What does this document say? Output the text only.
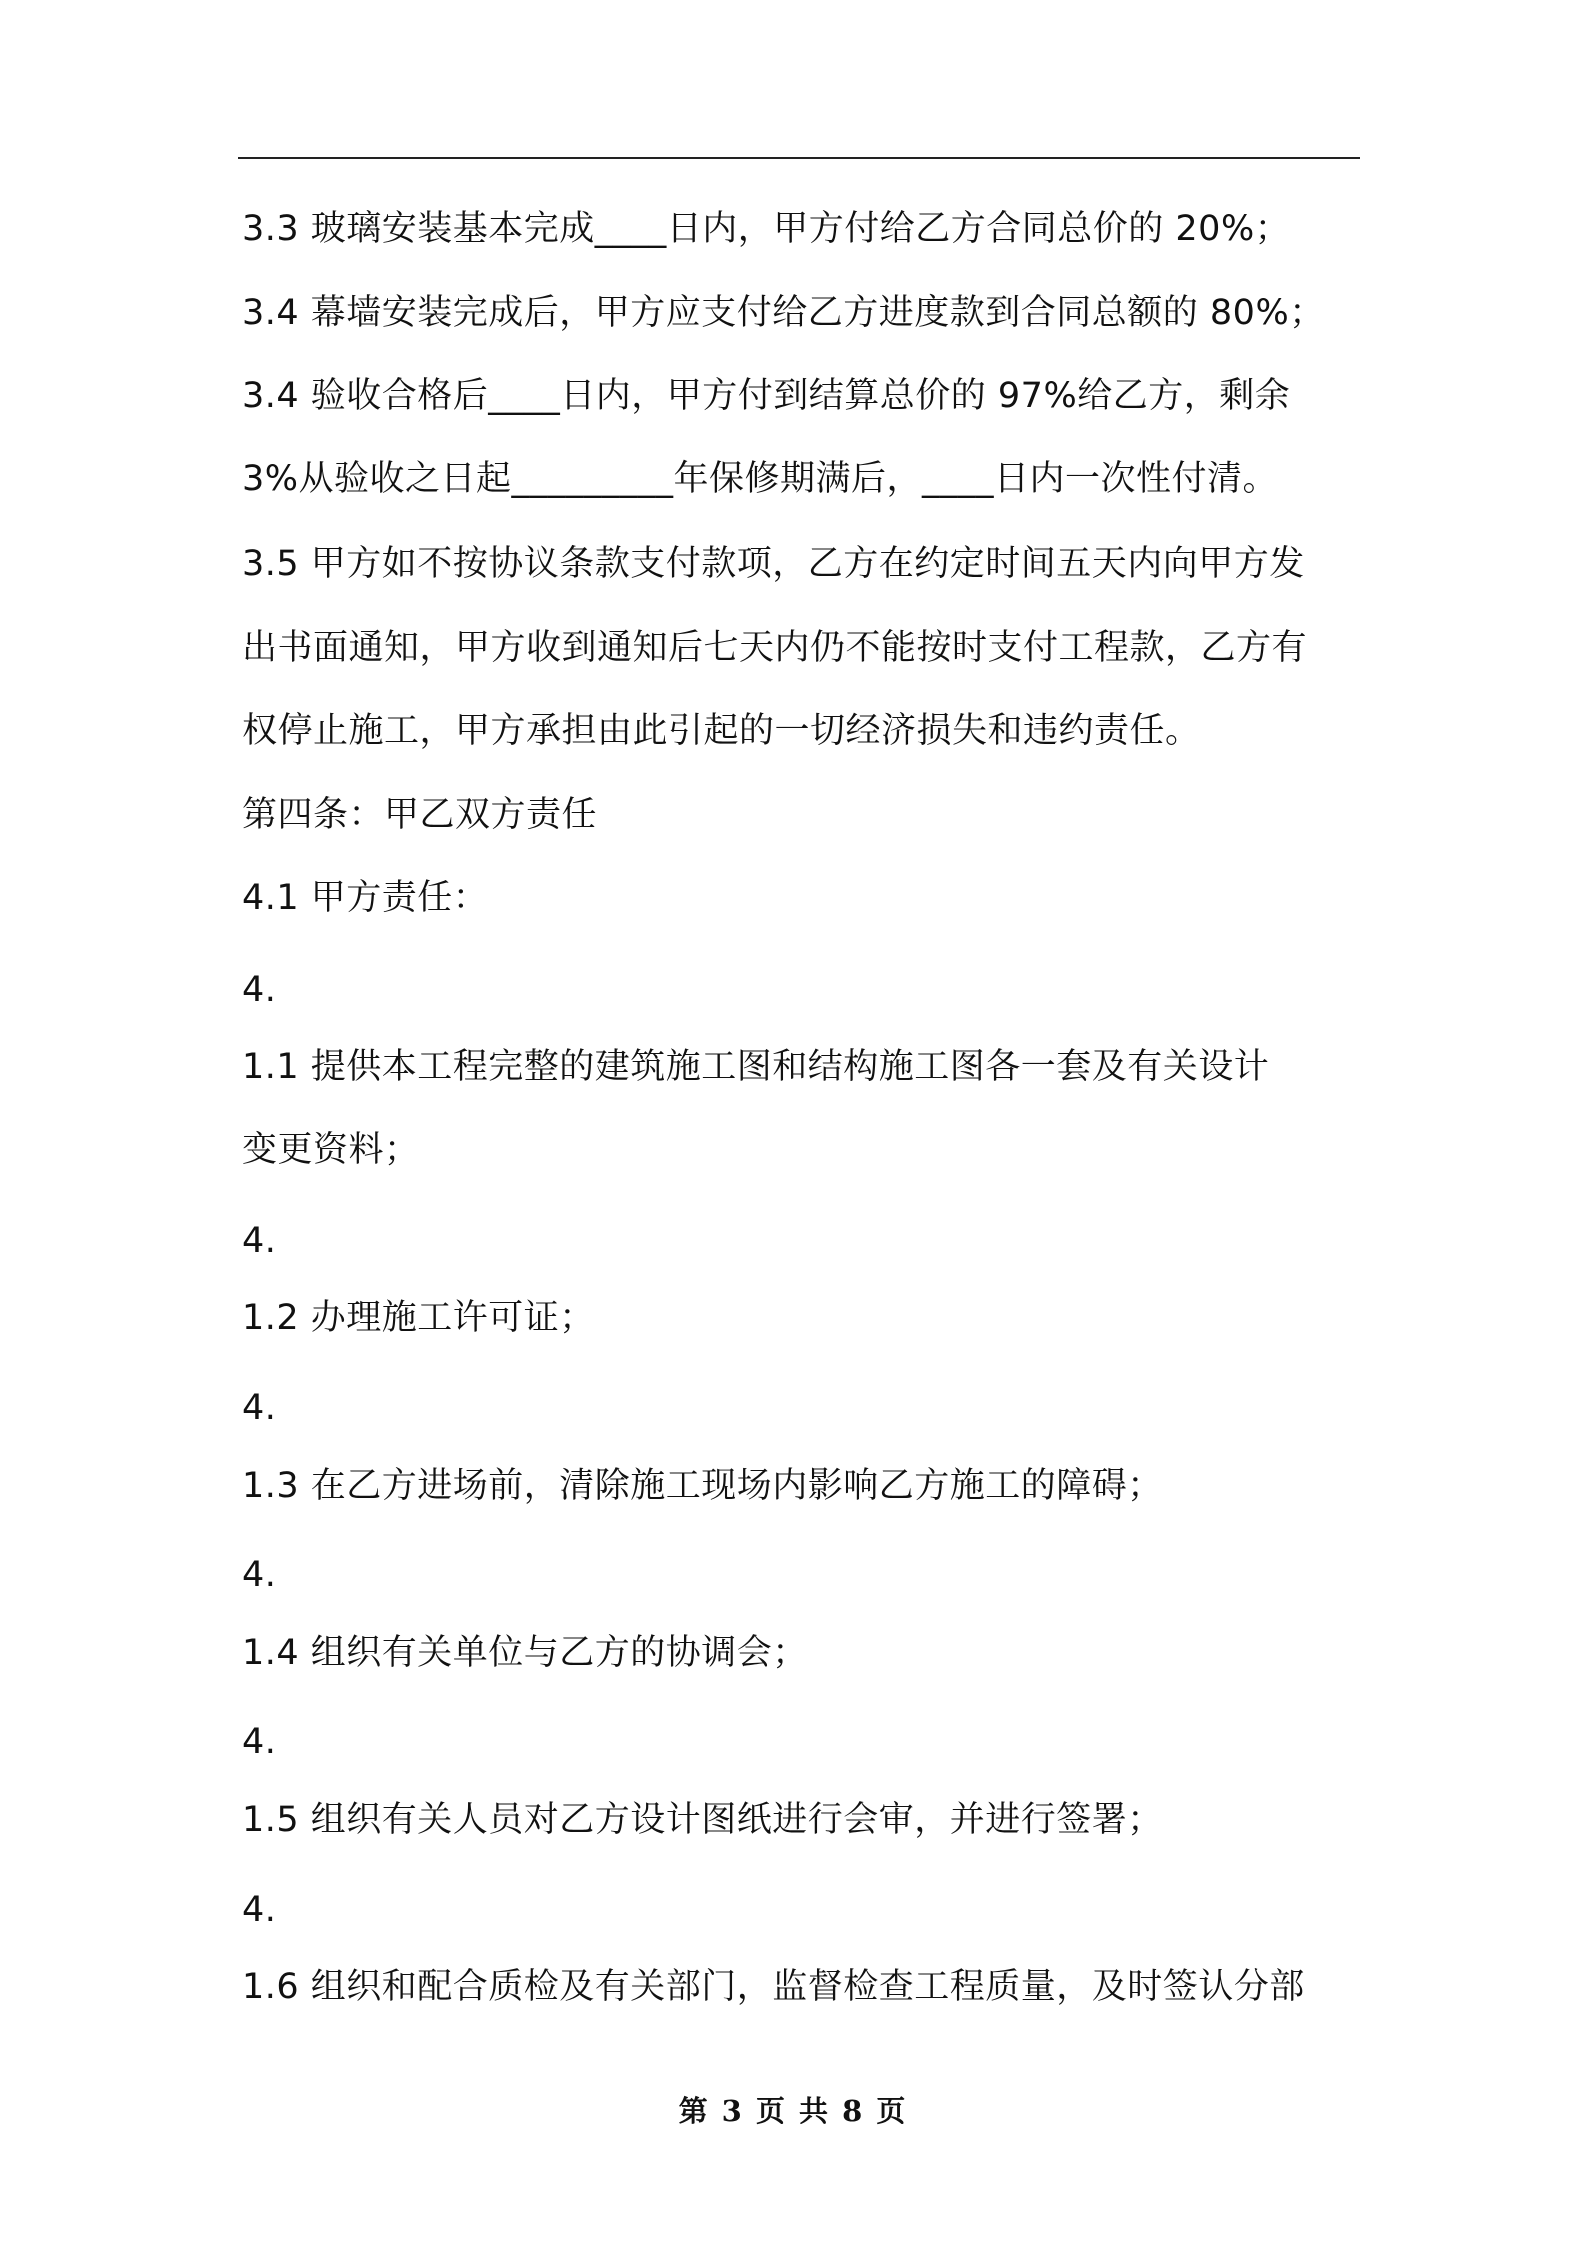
3.3 玻璃安装基本完成____日内，甲方付给乙方合同总价的 20%；
3.4 幕墙安装完成后，甲方应支付给乙方进度款到合同总额的 80%；
3.4 验收合格后____日内，甲方付到结算总价的 97%给乙方，剩余
3%从验收之日起_________年保修期满后，____日内一次性付清。
3.5 甲方如不按协议条款支付款项，乙方在约定时间五天内向甲方发
出书面通知，甲方收到通知后七天内仍不能按时支付工程款，乙方有
权停止施工，甲方承担由此引起的一切经济损失和违约责任。
第四条：甲乙双方责任
4.1 甲方责任：
4.
1.1 提供本工程完整的建筑施工图和结构施工图各一套及有关设计
变更资料；
4.
1.2 办理施工许可证；
4.
1.3 在乙方进场前，清除施工现场内影响乙方施工的障碍；
4.
1.4 组织有关单位与乙方的协调会；
4.
1.5 组织有关人员对乙方设计图纸进行会审，并进行签署；
4.
1.6 组织和配合质检及有关部门，监督检查工程质量，及时签认分部
第 3 页 共 8 页
